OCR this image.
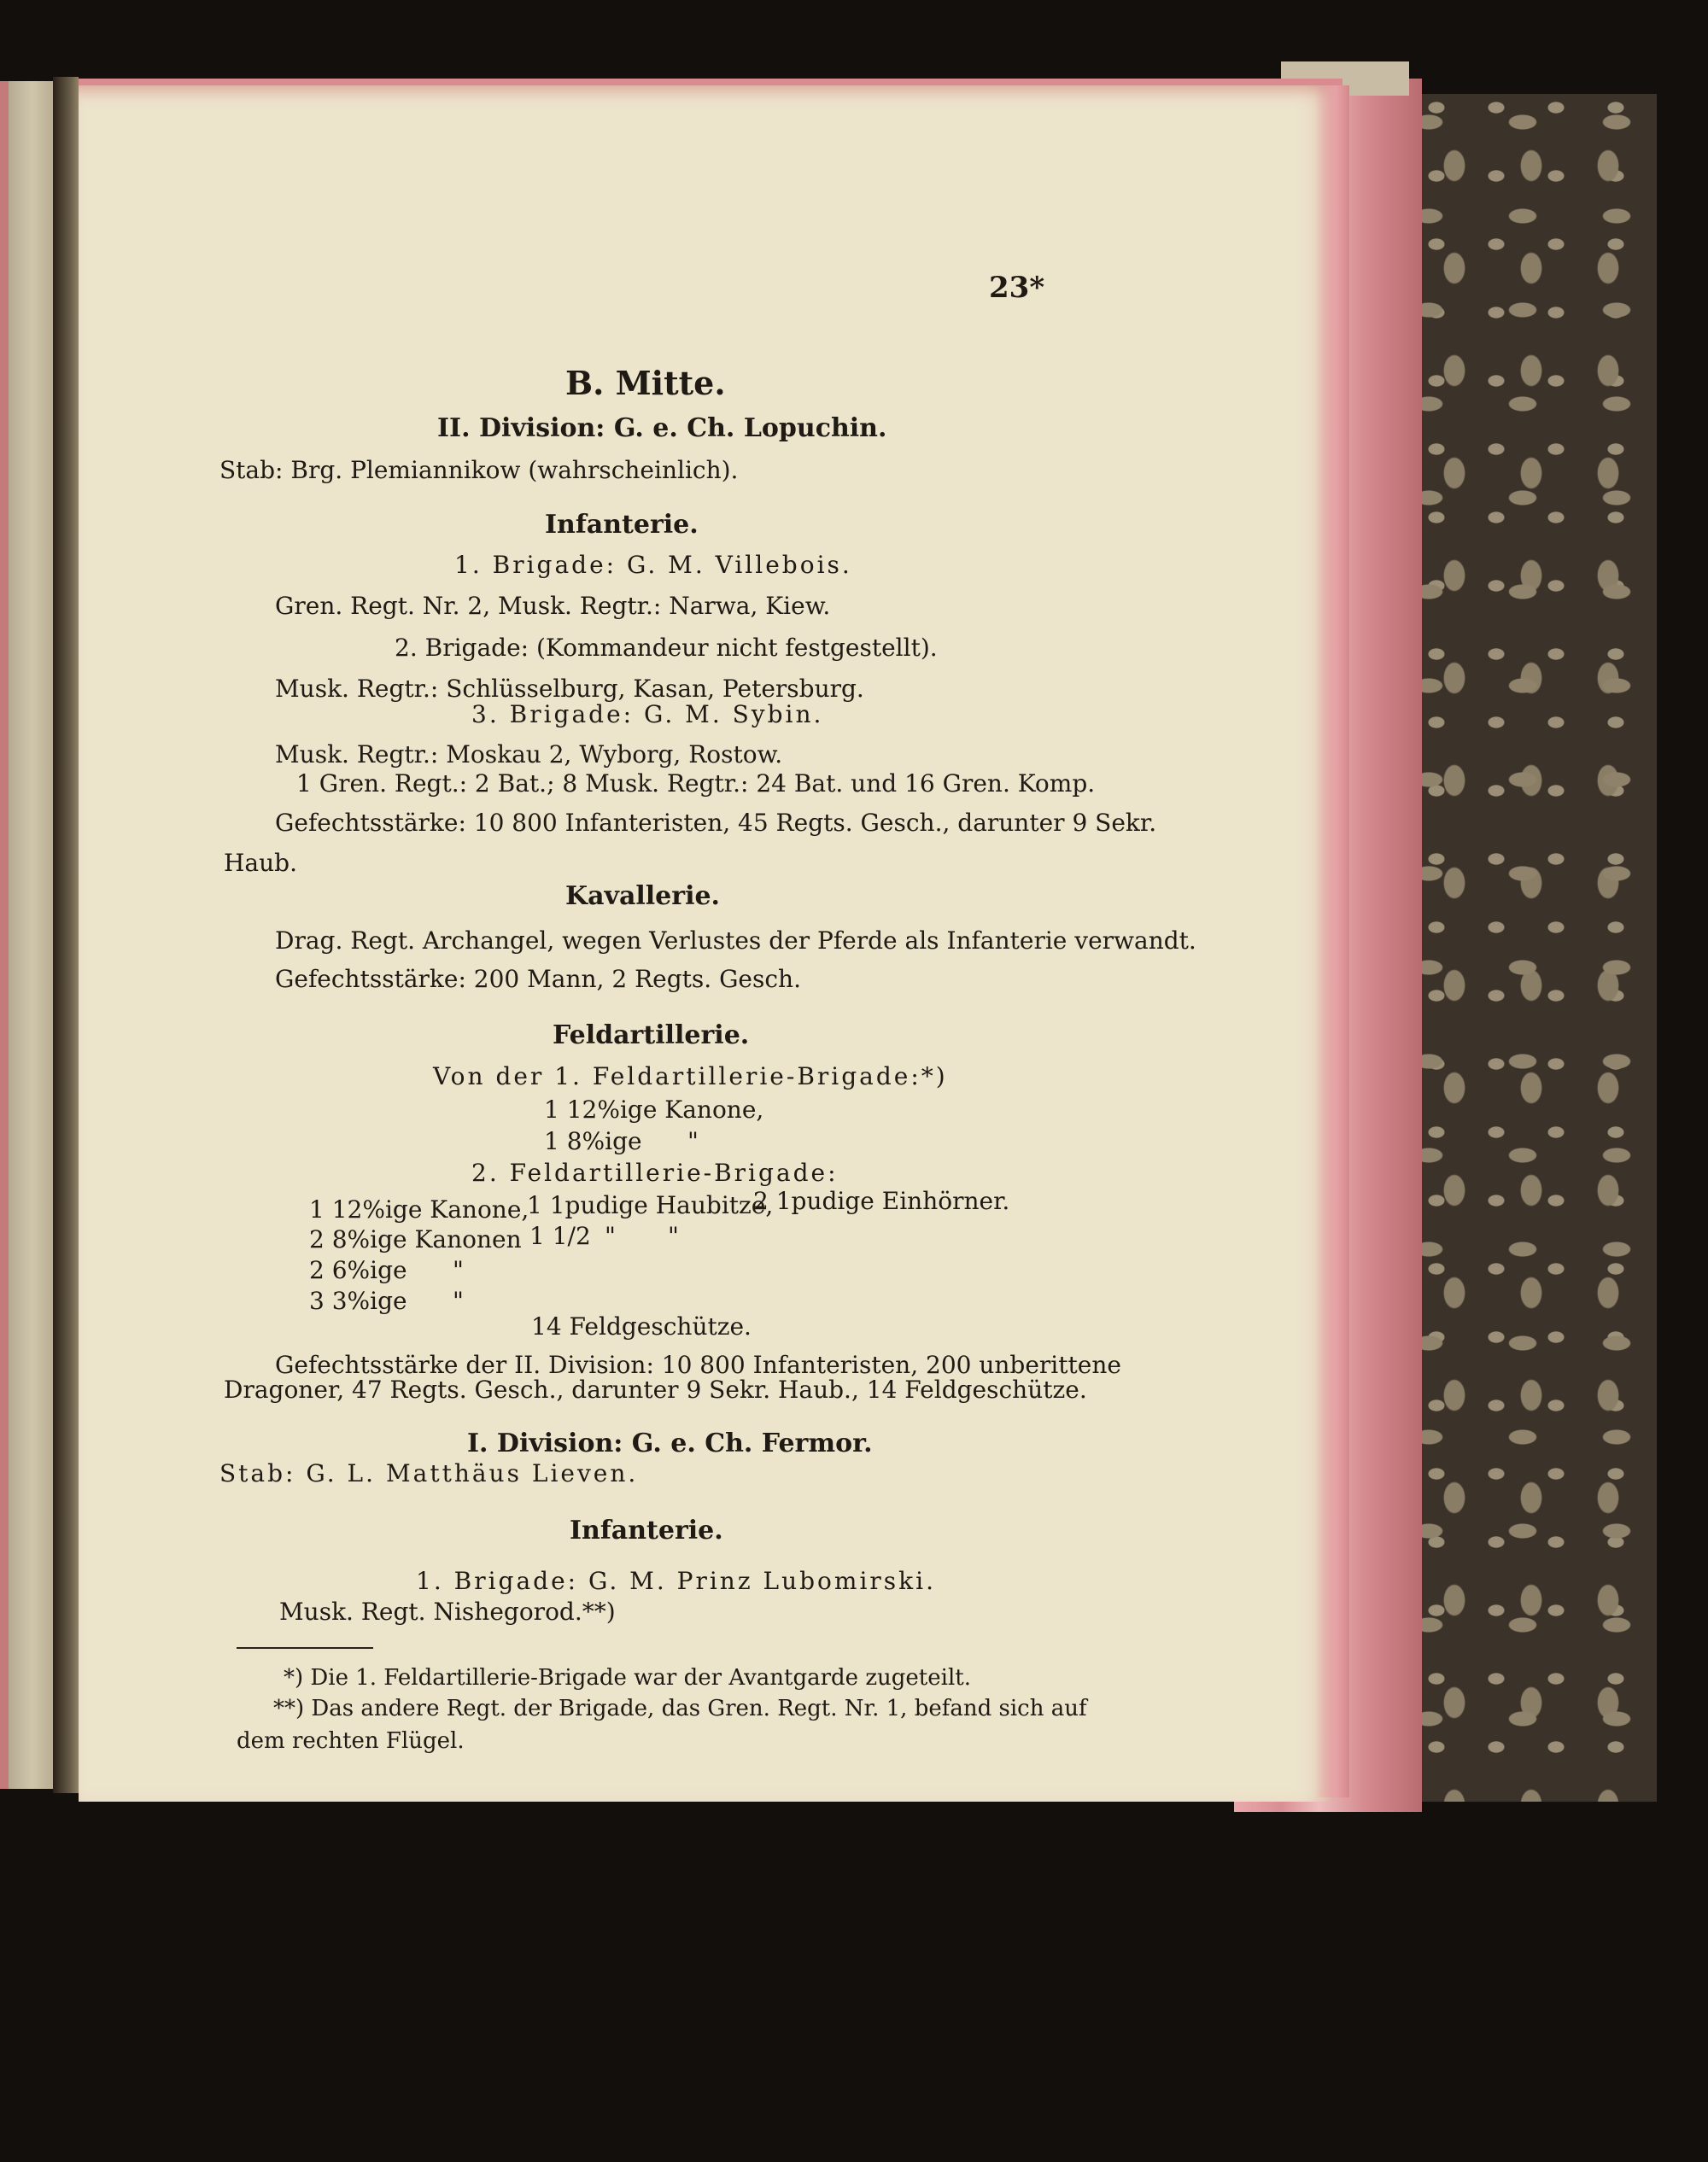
23*
B. Mitte.
II. Division: G. e. Ch. Lopuchin.
Stab: Brg. Plemiannikow (wahrscheinlich).
Infanterie.
1. Brigade: G. M. Villebois.
Gren. Regt. Nr. 2, Musk. Regtr.: Narwa, Kiew.
2. Brigade: (Kommandeur nicht festgestellt).
Musk. Regtr.: Schlüsselburg, Kasan, Petersburg.
3. Brigade: G. M. Sybin.
Musk. Regtr.: Moskau 2, Wyborg, Rostow.
1 Gren. Regt.: 2 Bat.; 8 Musk. Regtr.: 24 Bat. und 16 Gren. Komp.
Gefechtsstärke: 10 800 Infanteristen, 45 Regts. Gesch., darunter 9 Sekr.
Haub.
Kavallerie.
Drag. Regt. Archangel, wegen Verlustes der Pferde als Infanterie verwandt.
Gefechtsstärke: 200 Mann, 2 Regts. Gesch.
Feldartillerie.
Von der 1. Feldartillerie-Brigade:*)
1 12%ige Kanone,
1 8%ige "
2. Feldartillerie-Brigade:
1 12%ige Kanone,
1 1pudige Haubitze,
2 1pudige Einhörner.
2 8%ige Kanonen 1 1/2 " "
2 6%ige "
3 3%ige "
14 Feldgeschütze.
Gefechtsstärke der II. Division: 10 800 Infanteristen, 200 unberittene
Dragoner, 47 Regts. Gesch., darunter 9 Sekr. Haub., 14 Feldgeschütze.
I. Division: G. e. Ch. Fermor.
Stab: G. L. Matthäus Lieven.
Infanterie.
1. Brigade: G. M. Prinz Lubomirski.
Musk. Regt. Nishegorod.**)
*) Die 1. Feldartillerie-Brigade war der Avantgarde zugeteilt.
**) Das andere Regt. der Brigade, das Gren. Regt. Nr. 1, befand sich auf
dem rechten Flügel.
